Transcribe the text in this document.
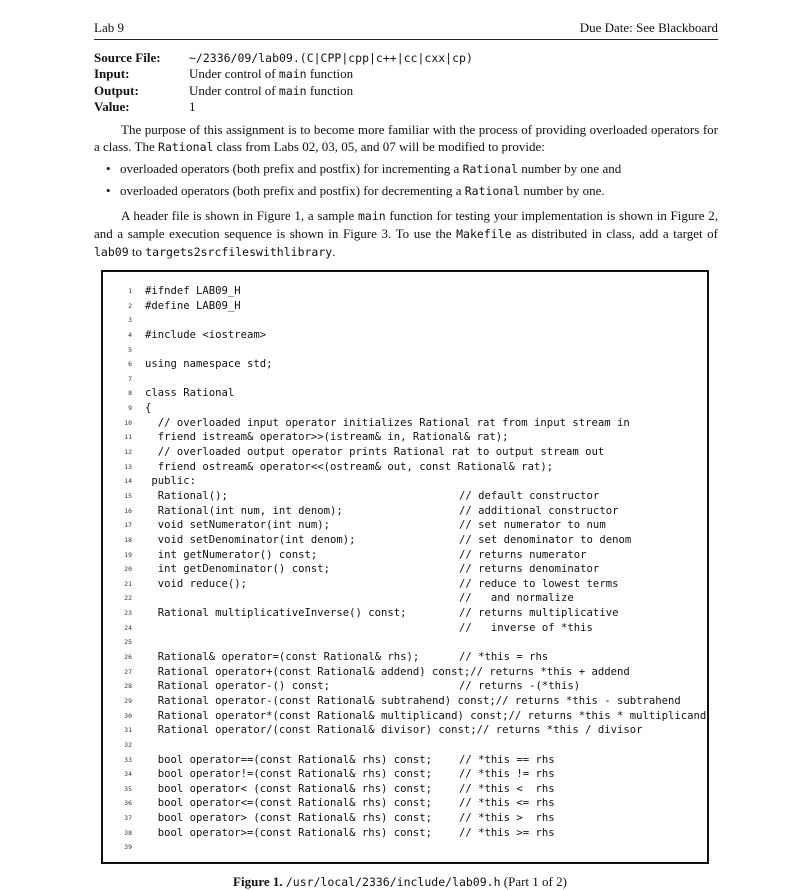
Lab 9	Due Date: See Blackboard
Source File: ~/2336/09/lab09.(C|CPP|cpp|c++|cc|cxx|cp)
Input:	Under control of main function
Output:	Under control of main function
Value:	1
The purpose of this assignment is to become more familiar with the process of providing overloaded operators for a class. The Rational class from Labs 02, 03, 05, and 07 will be modified to provide:
• overloaded operators (both prefix and postfix) for incrementing a Rational number by one and
• overloaded operators (both prefix and postfix) for decrementing a Rational number by one.
A header file is shown in Figure 1, a sample main function for testing your implementation is shown in Figure 2, and a sample execution sequence is shown in Figure 3. To use the Makefile as distributed in class, add a target of lab09 to targets2srcfileswithlibrary.
1 #ifndef LAB09_H
2 #define LAB09_H
3
4 #include <iostream>
5
6 using namespace std;
7
8 class Rational
9 {
10 // overloaded input operator initializes Rational rat from input stream in
11 friend istream& operator>>(istream& in, Rational& rat);
12 // overloaded output operator prints Rational rat to output stream out
13 friend ostream& operator<<(ostream& out, const Rational& rat);
14 public:
15 Rational();	// default constructor
16 Rational(int num, int denom);	// additional constructor
17 void setNumerator(int num);	// set numerator to num
18 void setDenominator(int denom);	// set denominator to denom
19 int getNumerator() const;	// returns numerator
20 int getDenominator() const;	// returns denominator
21 void reduce();	// reduce to lowest terms
22	//   and normalize
23 Rational multiplicativeInverse() const;	// returns multiplicative
24	//   inverse of *this
25
26 Rational& operator=(const Rational& rhs);	// *this = rhs
27 Rational operator+(const Rational& addend) const;// returns *this + addend
28 Rational operator-() const;	// returns -(*this)
29 Rational operator-(const Rational& subtrahend) const;// returns *this - subtrahend
30 Rational operator*(const Rational& multiplicand) const;// returns *this * multiplicand
31 Rational operator/(const Rational& divisor) const;// returns *this / divisor
32
33 bool operator==(const Rational& rhs) const;	// *this == rhs
34 bool operator!=(const Rational& rhs) const;	// *this != rhs
35 bool operator< (const Rational& rhs) const;	// *this <  rhs
36 bool operator<=(const Rational& rhs) const;	// *this <= rhs
37 bool operator> (const Rational& rhs) const;	// *this >  rhs
38 bool operator>=(const Rational& rhs) const;	// *this >= rhs
39
Figure 1. /usr/local/2336/include/lab09.h (Part 1 of 2)
